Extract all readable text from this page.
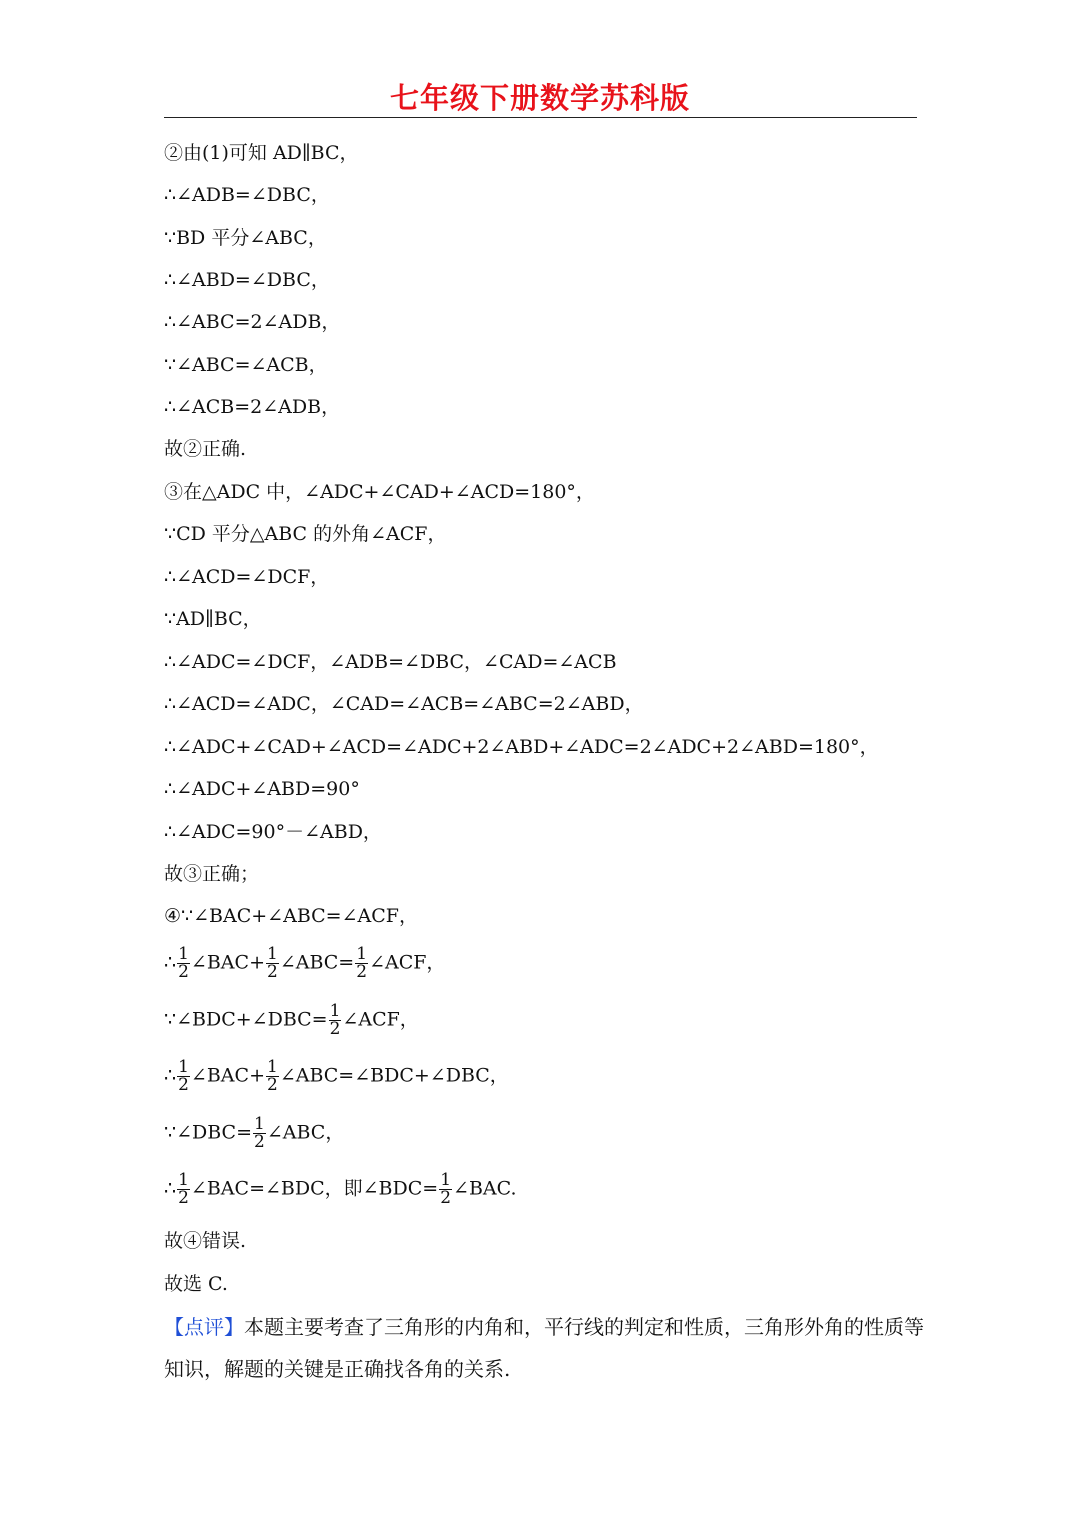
七年级下册数学苏科版
②由(1)可知 AD∥BC，
∴∠ADB=∠DBC，
∵BD 平分∠ABC，
∴∠ABD=∠DBC，
∴∠ABC=2∠ADB，
∵∠ABC=∠ACB，
∴∠ACB=2∠ADB，
故②正确.
③在△ADC 中，∠ADC+∠CAD+∠ACD=180°，
∵CD 平分△ABC 的外角∠ACF，
∴∠ACD=∠DCF，
∵AD∥BC，
∴∠ADC=∠DCF，∠ADB=∠DBC，∠CAD=∠ACB
∴∠ACD=∠ADC，∠CAD=∠ACB=∠ABC=2∠ABD，
∴∠ADC+∠CAD+∠ACD=∠ADC+2∠ABD+∠ADC=2∠ADC+2∠ABD=180°，
∴∠ADC+∠ABD=90°
∴∠ADC=90°－∠ABD，
故③正确；
④∵∠BAC+∠ABC=∠ACF，
∴ $\frac{1}{2}$ ∠BAC+ $\frac{1}{2}$ ∠ABC= $\frac{1}{2}$ ∠ACF，
∵∠BDC+∠DBC= $\frac{1}{2}$ ∠ACF，
∴ $\frac{1}{2}$ ∠BAC+ $\frac{1}{2}$ ∠ABC=∠BDC+∠DBC，
∵∠DBC= $\frac{1}{2}$ ∠ABC，
∴ $\frac{1}{2}$ ∠BAC=∠BDC，即∠BDC= $\frac{1}{2}$ ∠BAC.
故④错误.
故选 C.
【点评】本题主要考查了三角形的内角和，平行线的判定和性质，三角形外角的性质等知识，解题的关键是正确找各角的关系.
